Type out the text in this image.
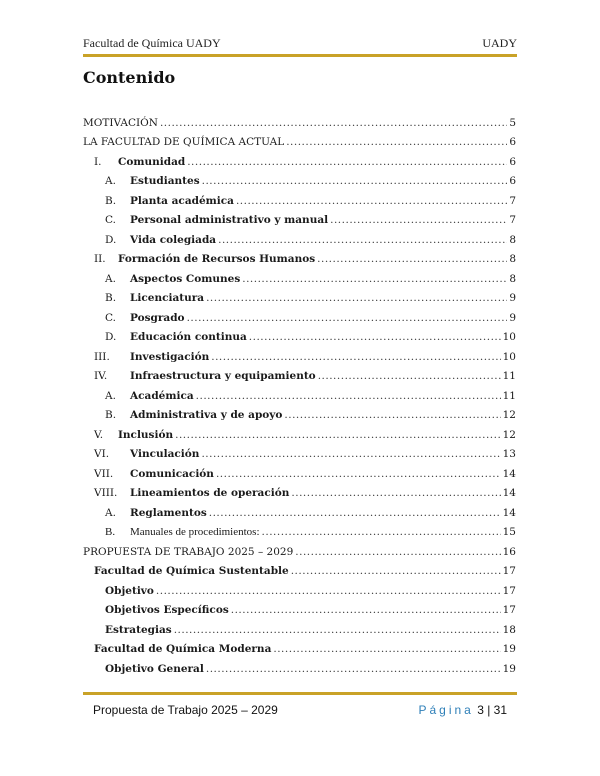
Facultad de Química UADY	UADY
Contenido
MOTIVACIÓN .....	5
LA FACULTAD DE QUÍMICA ACTUAL .....	6
I.	Comunidad .....	6
A.	Estudiantes .....	6
B.	Planta académica .....	7
C.	Personal administrativo y manual .....	7
D.	Vida colegiada .....	8
II.	Formación de Recursos Humanos .....	8
A.	Aspectos Comunes .....	8
B.	Licenciatura .....	9
C.	Posgrado .....	9
D.	Educación continua .....	10
III.	Investigación .....	10
IV.	Infraestructura y equipamiento .....	11
A.	Académica .....	11
B.	Administrativa y de apoyo .....	12
V.	Inclusión .....	12
VI.	Vinculación .....	13
VII.	Comunicación .....	14
VIII.	Lineamientos de operación .....	14
A.	Reglamentos .....	14
B.	Manuales de procedimientos: .....	15
PROPUESTA DE TRABAJO 2025 – 2029 .....	16
Facultad de Química Sustentable .....	17
Objetivo .....	17
Objetivos Específicos .....	17
Estrategias .....	18
Facultad de Química Moderna .....	19
Objetivo General .....	19
Propuesta de Trabajo 2025 – 2029	Página 3 | 31
